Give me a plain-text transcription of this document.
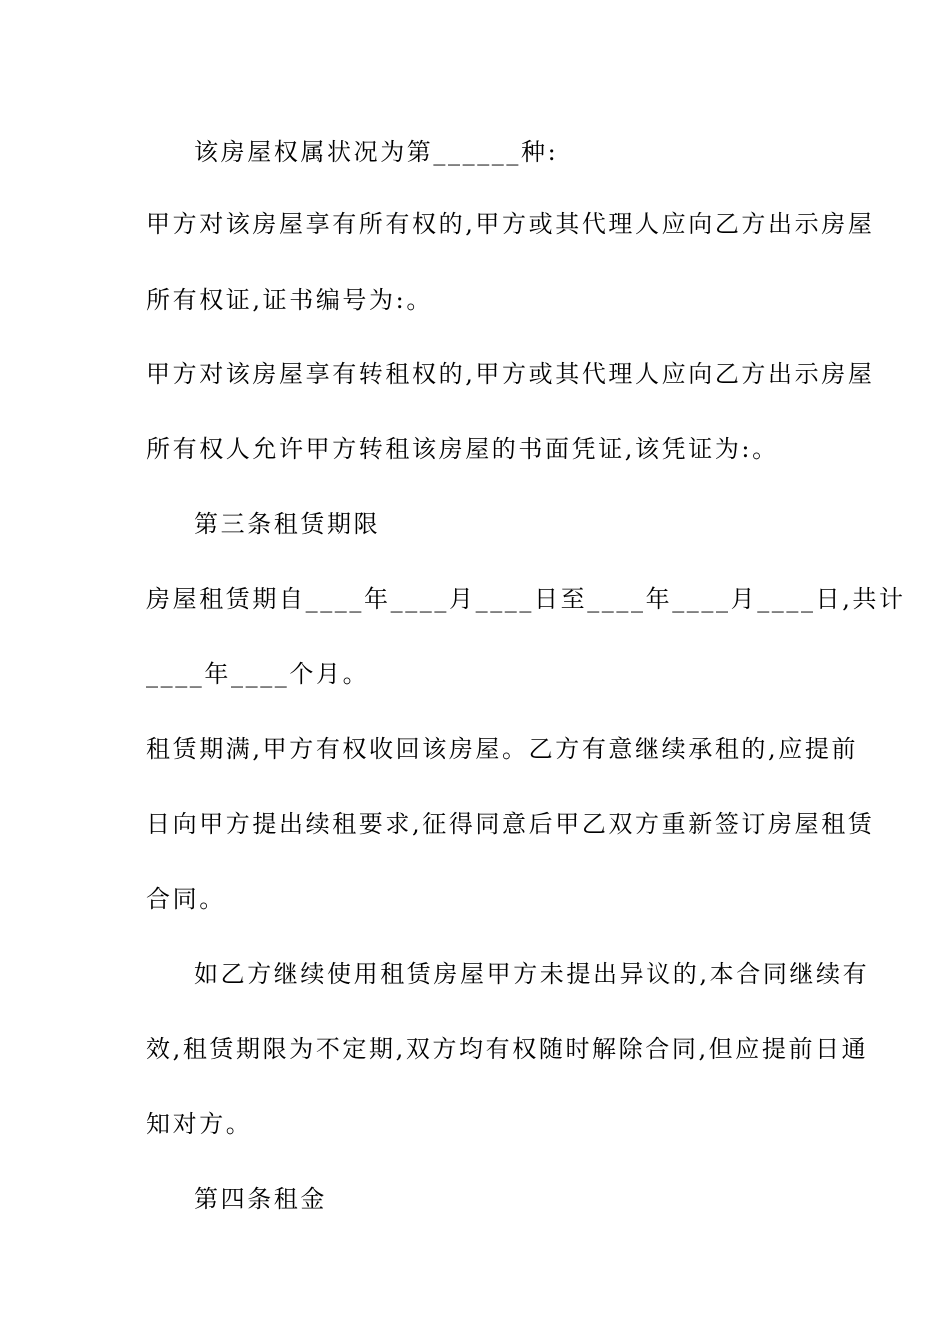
该房屋权属状况为第______种:
甲方对该房屋享有所有权的,甲方或其代理人应向乙方出示房屋
所有权证,证书编号为:。
甲方对该房屋享有转租权的,甲方或其代理人应向乙方出示房屋
所有权人允许甲方转租该房屋的书面凭证,该凭证为:。
第三条租赁期限
房屋租赁期自____年____月____日至____年____月____日,共计
____年____个月。
租赁期满,甲方有权收回该房屋。乙方有意继续承租的,应提前
日向甲方提出续租要求,征得同意后甲乙双方重新签订房屋租赁
合同。
如乙方继续使用租赁房屋甲方未提出异议的,本合同继续有
效,租赁期限为不定期,双方均有权随时解除合同,但应提前日通
知对方。
第四条租金
